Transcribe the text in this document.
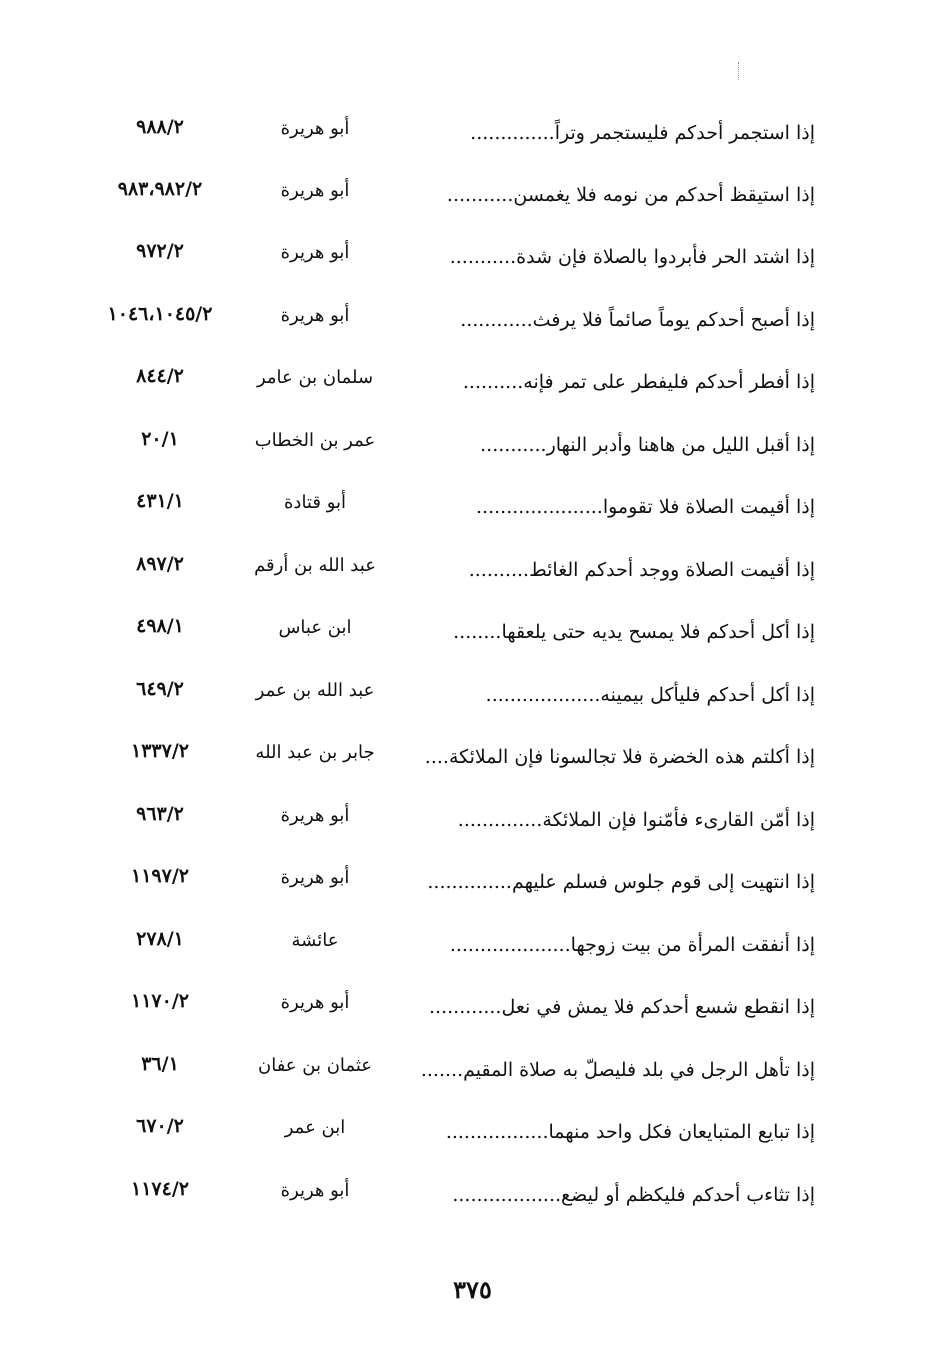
إذا استجمر أحدكم فليستجمر وتراً..............
أبو هريرة
٩٨٨/٢
إذا استيقظ أحدكم من نومه فلا يغمسن...........
أبو هريرة
٩٨٣،٩٨٢/٢
إذا اشتد الحر فأبردوا بالصلاة فإن شدة...........
أبو هريرة
٩٧٢/٢
إذا أصبح أحدكم يوماً صائماً فلا يرفث............
أبو هريرة
١٠٤٦،١٠٤٥/٢
إذا أفطر أحدكم فليفطر على تمر فإنه..........
سلمان بن عامر
٨٤٤/٢
إذا أقبل الليل من هاهنا وأدبر النهار...........
عمر بن الخطاب
٢٠/١
إذا أقيمت الصلاة فلا تقوموا.....................
أبو قتادة
٤٣١/١
إذا أقيمت الصلاة ووجد أحدكم الغائط..........
عبد الله بن أرقم
٨٩٧/٢
إذا أكل أحدكم فلا يمسح يديه حتى يلعقها........
ابن عباس
٤٩٨/١
إذا أكل أحدكم فليأكل بيمينه...................
عبد الله بن عمر
٦٤٩/٢
إذا أكلتم هذه الخضرة فلا تجالسونا فإن الملائكة....
جابر بن عبد الله
١٣٣٧/٢
إذا أمّن القارىء فأمّنوا فإن الملائكة..............
أبو هريرة
٩٦٣/٢
إذا انتهيت إلى قوم جلوس فسلم عليهم..............
أبو هريرة
١١٩٧/٢
إذا أنفقت المرأة من بيت زوجها....................
عائشة
٢٧٨/١
إذا انقطع شسع أحدكم فلا يمش في نعل............
أبو هريرة
١١٧٠/٢
إذا تأهل الرجل في بلد فليصلّ به صلاة المقيم.......
عثمان بن عفان
٣٦/١
إذا تبايع المتبايعان فكل واحد منهما.................
ابن عمر
٦٧٠/٢
إذا تثاءب أحدكم فليكظم أو ليضع..................
أبو هريرة
١١٧٤/٢
٣٧٥
